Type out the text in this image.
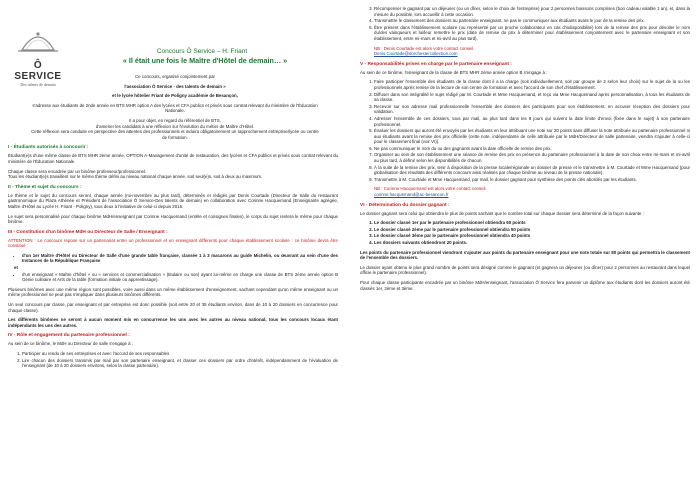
Ô SERVICE
Des talents de demain
Concours Ô Service – H. Friant
« Il était une fois le Maître d'Hôtel de demain… »

Ce concours, organisé conjointement par

l'association Ô Service - des talents de demain »

et le lycée hôtelier Friant de Poligny académie de Besançon,

s'adresse aux étudiants de 2nde année en BTS MHR option A des lycées et CFA publics et privés sous contrat relevant du ministère de l'Éducation Nationale.

Il a pour objet, en regard du référentiel de BTS,

d'amener les candidats à une réflexion sur l'évolution du métier de Maître d'Hôtel.

Cette réflexion sera conduite en perspective des attentes des professionnels et induira obligatoirement un rapprochement entreprise/lycée ou centre de formation.

I - Étudiants autorisés à concourir :

Étudiant(e)s d'une même classe de BTS MHR 2ème année, OPTION A-Management d'unité de restauration, des lycées et CFA publics et privés sous contrat relevant du ministère de l'Éducation Nationale.

Chaque classe sera encadrée par un binôme professeur/professionnel.

Tous les étudiant(e)s travaillent sur le même thème défini au niveau national chaque année, soit seul(e)s, soit à deux au maximum.

II - Thème et sujet du concours :

Le thème et le sujet du concours seront, chaque année (mi-novembre au plus tard), déterminés et rédigés par Denis Courtade (Directeur de Salle du restaurant gastronomique du Plaza Athénée et Président de l'association Ô Service-Des talents de demain) en collaboration avec Corinne Hacquemand (Enseignante agrégée, Maître d'Hôtel au Lycée H. Friant - Poligny), tous deux à l'initiative de celui-ci depuis 2016.

Le sujet sera personnalisé pour chaque binôme MdH/enseignant par Corinne Hacquemand (entête et consignes finales), le corps du sujet restera le même pour chaque binôme.

III - Constitution d'un binôme MdH ou Directeur de Salle / Enseignant :

ATTENTION : Le concours repose sur un partenariat entre un professionnel et un enseignant différents pour chaque établissement scolaire : ce binôme devra être constitué :

• d'un 1er Maître d'Hôtel ou Directeur de Salle d'une grande table française, classée 1 à 3 macarons au guide Michelin, ou œuvrant au sein d'une des Instances de la République Française
et
• d'un enseignant « Maître d'hôtel » ou « services et commercialisation » (titulaire ou non) ayant lui-même en charge une classe de BTS 2ème année option B Génie culinaire et Arts de la table (formation initiale ou apprentissage).

Plusieurs binômes avec une même région sont possibles, voire aussi dans un même établissement d'enseignement, sachant cependant qu'un même enseignant ou un même professionnel ne peut pas s'impliquer dans plusieurs binômes différents.

Un seul concours par classe, par enseignant et par entreprise est donc possible (soit entre 20 et 35 étudiants environ, dans de 10 à 20 dossiers en concurrence pour chaque classe).

Les différents binômes ne seront à aucun moment mis en concurrence les uns avec les autres au niveau national, tous les concours locaux étant indépendants les uns des autres.

IV - Rôle et engagement du partenaire professionnel :

Au sein de ce binôme, le MdH ou Directeur de salle s'engage à :

1. Participer au rendu de ses entreprises et avec l'accord de ses responsables
2. Lire chacun des dossiers transmis par mail par son partenaire enseignant, et classer ces dossiers par ordre d'intérêt, indépendamment de l'évaluation de l'enseignant (de 10 à 20 dossiers environs, selon la classe partenaire).
3. Récompenser le gagnant par un déjeuner (ou un dîner, selon le choix de l'entreprise) pour 2 personnes boissons comprises (bon cadeau valable 1 an), et, dans la mesure du possible, lors accueillir à cette occasion.
4. Transmettre le classement des dossiers au partenaire enseignant, ne pas le communiquer aux étudiants avant le jour de la remise des prix.
5. Être présent dans l'établissement scolaire (ou représenté par un proche collaborateur en cas d'indisponibilité) lors de la remise des prix pour dévoiler le nom du/des vainqueurs et lui/leur remettre le prix (date de remise du prix à déterminer pour établissement conjointement avec le partenaire enseignant et son établissement, entre mi-mars et mi-avril au plus tard).
NB : Denis Courtade est alors votre contact conseil
Denis.Courtade@dorchestercollection.com
V - Responsabilités prises en charge par le partenaire enseignant :

Au sein de ce binôme, l'enseignant de la classe de BTS MHR 2ème année option B s'engage à :

1. Faire participer l'ensemble des étudiants de la classe dont il a la charge (soit individuellement, soit par groupe de 2 selon leur choix) sur le sujet de la ou les professionnels après remise de la lecture de son centre de formation et avec l'accord de son chef d'établissement.
2. Diffuser dans son intégralité le sujet rédigé par M. Courtade et Mme Hacquemand, et reçu via Mme Hacquemand après personnalisation, à tous les étudiants de sa classe.
3. Recevoir sur son adresse mail professionnelle l'ensemble des dossiers des participants pour son établissement, en accuser réception des dossiers pour validation.
4. Adresser l'ensemble de ces dossiers, tous par mail, au plus tard dans les 8 jours qui suivent la date limite d'envoi (fixée dans le sujet) à son partenaire professionnel.
5. Évaluer les dossiers qui auront été envoyés par les étudiants en leur attribuant une note sur 20 points sans diffuser la note attribuée au partenaire professionnel ni aux étudiants avant la remise des prix officielle (cette note, indépendante de celle attribuée par le MdH/Directeur de salle partenaire, viendra s'ajouter à celle-ci pour le classement final (voir VI)).
6. Ne pas communiquer le nom du ou des gagnants avant la date officielle de remise des prix.
7. Organiser au sein de son établissement une séance de remise des prix en présence du partenaire professionnel à la date de son choix entre mi-mars et mi-avril au plus tard, à définir selon les disponibilités de chacun.
8. À la suite de la remise des prix, tenir à disposition de la presse locale/régionale un dossier de presse et le transmettre à M. Courtade et Mme Hacquemand (pour globalisation des résultats des différents concours ainsi réalisés par chaque binôme au niveau de la presse nationale).
9. Transmettre à M. Courtade et Mme Hacquemand, par mail, le dossier gagnant pour synthèse des points clés abordés par les étudiants.
NB : Corinne Hacquemand est alors votre contact conseil
corinne.hacquemand@ac-besancon.fr
VI - Détermination du dossier gagnant :

Le dossier gagnant sera celui qui obtiendra le plus de points sachant que le nombre total sur chaque dossier sera déterminé de la façon suivante :

1. Le dossier classé 1er par le partenaire professionnel obtiendra 60 points
2. Le dossier classé 2ème par le partenaire professionnel obtiendra 50 points
3. Le dossier classé 3ème par le partenaire professionnel obtiendra 40 points
4. Les dossiers suivants obtiendront 20 points.

Les points du partenaire professionnel viendront s'ajouter aux points du partenaire enseignant pour une note totale sur 80 points qui permettra le classement de l'ensemble des dossiers.

Le dossier ayant obtenu le plus grand nombre de points sera désigné comme le gagnant (et gagnera un déjeuner (ou dîner) pour 2 personnes au restaurant dans lequel officie le partenaire professionnel).

Pour chaque classe participante encadrée par un binôme MdH/enseignant, l'association Ô Service fera parvenir un diplôme aux étudiants dont les dossiers auront été classés 1er, 2ème et 3ème.
